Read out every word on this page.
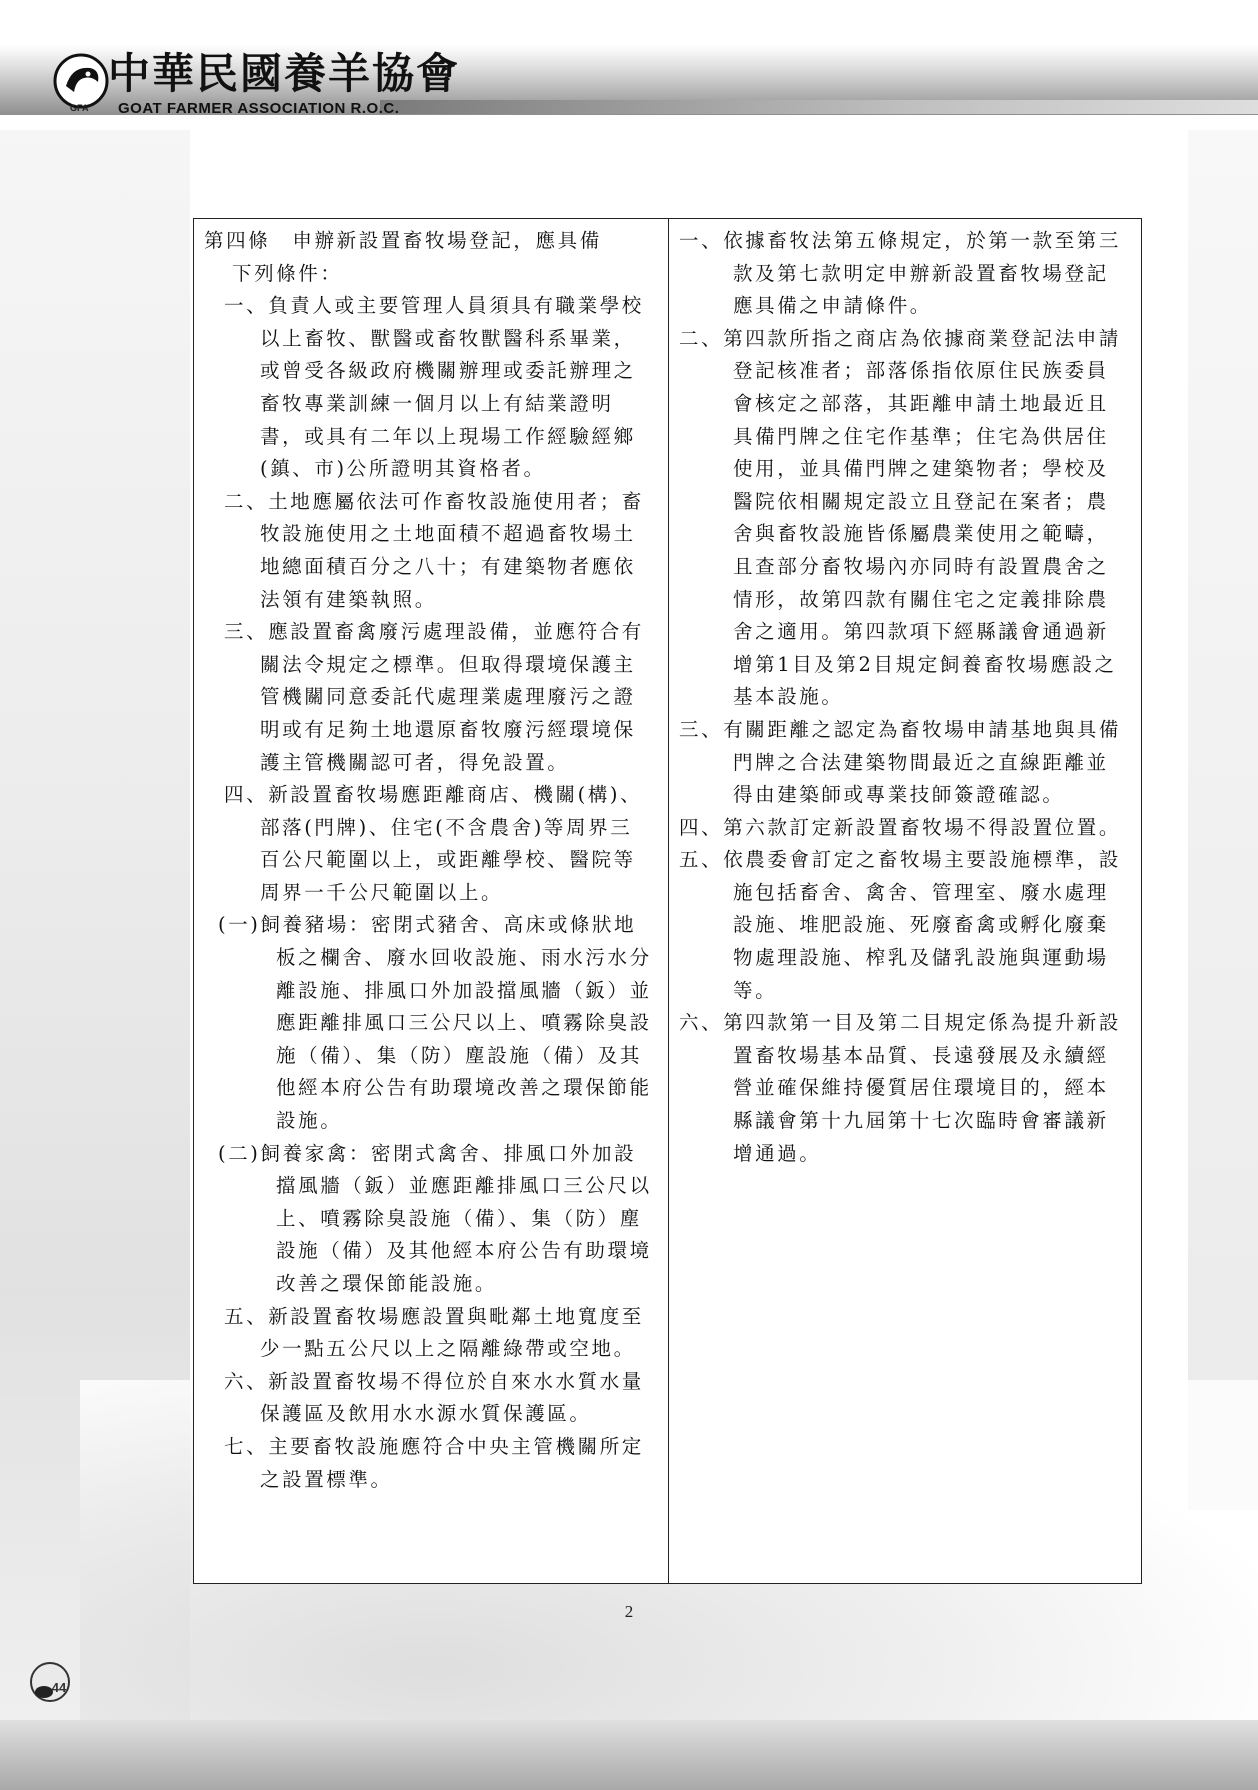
中華民國養羊協會
GOAT FARMER ASSOCIATION R.O.C.
GFA

第四條　申辦新設置畜牧場登記，應具備

下列條件：

一、負責人或主要管理人員須具有職業學校以上畜牧、獸醫或畜牧獸醫科系畢業，或曾受各級政府機關辦理或委託辦理之畜牧專業訓練一個月以上有結業證明書，或具有二年以上現場工作經驗經鄉(鎮、市)公所證明其資格者。

二、土地應屬依法可作畜牧設施使用者；畜牧設施使用之土地面積不超過畜牧場土地總面積百分之八十；有建築物者應依法領有建築執照。

三、應設置畜禽廢污處理設備，並應符合有關法令規定之標準。但取得環境保護主管機關同意委託代處理業處理廢污之證明或有足夠土地還原畜牧廢污經環境保護主管機關認可者，得免設置。

四、新設置畜牧場應距離商店、機關(構)、部落(門牌)、住宅(不含農舍)等周界三百公尺範圍以上，或距離學校、醫院等周界一千公尺範圍以上。

(一)飼養豬場：密閉式豬舍、高床或條狀地板之欄舍、廢水回收設施、雨水污水分離設施、排風口外加設擋風牆（鈑）並應距離排風口三公尺以上、噴霧除臭設施（備）、集（防）塵設施（備）及其他經本府公告有助環境改善之環保節能設施。

(二)飼養家禽：密閉式禽舍、排風口外加設擋風牆（鈑）並應距離排風口三公尺以上、噴霧除臭設施（備）、集（防）塵設施（備）及其他經本府公告有助環境改善之環保節能設施。

五、新設置畜牧場應設置與毗鄰土地寬度至少一點五公尺以上之隔離綠帶或空地。

六、新設置畜牧場不得位於自來水水質水量保護區及飲用水水源水質保護區。

七、主要畜牧設施應符合中央主管機關所定之設置標準。

一、依據畜牧法第五條規定，於第一款至第三款及第七款明定申辦新設置畜牧場登記應具備之申請條件。

二、第四款所指之商店為依據商業登記法申請登記核准者；部落係指依原住民族委員會核定之部落，其距離申請土地最近且具備門牌之住宅作基準；住宅為供居住使用，並具備門牌之建築物者；學校及醫院依相關規定設立且登記在案者；農舍與畜牧設施皆係屬農業使用之範疇，且查部分畜牧場內亦同時有設置農舍之情形，故第四款有關住宅之定義排除農舍之適用。第四款項下經縣議會通過新增第1目及第2目規定飼養畜牧場應設之基本設施。

三、有關距離之認定為畜牧場申請基地與具備門牌之合法建築物間最近之直線距離並得由建築師或專業技師簽證確認。

四、第六款訂定新設置畜牧場不得設置位置。

五、依農委會訂定之畜牧場主要設施標準，設施包括畜舍、禽舍、管理室、廢水處理設施、堆肥設施、死廢畜禽或孵化廢棄物處理設施、榨乳及儲乳設施與運動場等。

六、第四款第一目及第二目規定係為提升新設置畜牧場基本品質、長遠發展及永續經營並確保維持優質居住環境目的，經本縣議會第十九屆第十七次臨時會審議新增通過。

2
44
